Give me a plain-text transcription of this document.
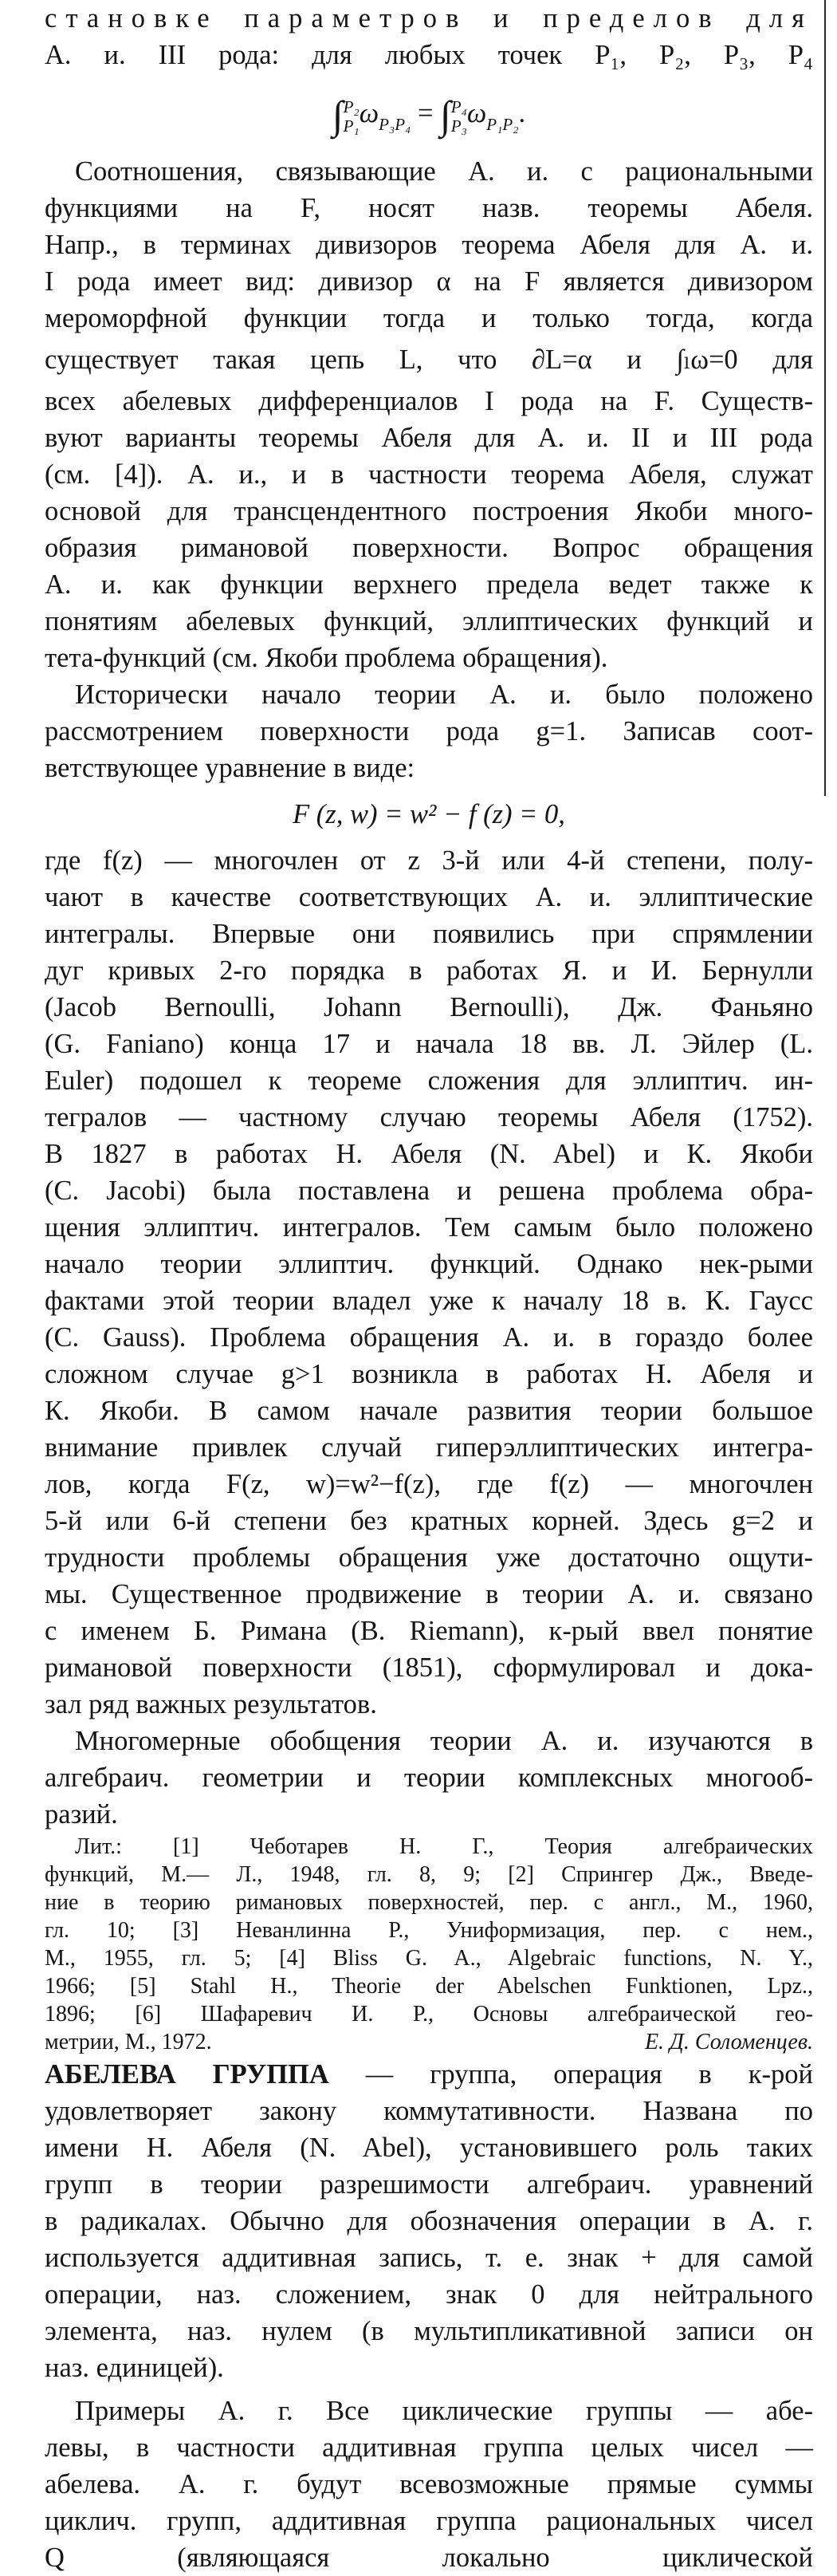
становке параметров и пределов для
А. и. III рода: для любых точек P₁, P₂, P₃, P₄
∫P₂
$P_1\omega_{P_3P_4} = \int P_4$
$P_3\omega_{P_1P_2}$.
Соотношения, связывающие А. и. с рациональными
функциями на F, носят назв. теоремы Абеля.
Напр., в терминах дивизоров теорема Абеля для А. и.
I рода имеет вид: дивизор α на F является дивизором
мероморфной функции тогда и только тогда, когда
существует такая цепь L, что ∂L=α и ∫ₗω=0 для
всех абелевых дифференциалов I рода на F. Существ-
вуют варианты теоремы Абеля для А. и. II и III рода
(см. [4]). А. и., и в частности теорема Абеля, служат
основой для трансцендентного построения Якоби много-
образия римановой поверхности. Вопрос обращения
А. и. как функции верхнего предела ведет также к
понятиям абелевых функций, эллиптических функций и
тета-функций (см. Якоби проблема обращения).
Исторически начало теории А. и. было положено
рассмотрением поверхности рода g=1. Записав соот-
ветствующее уравнение в виде:
F (z, w) = w² − f (z) = 0,
где f(z) — многочлен от z 3-й или 4-й степени, полу-
чают в качестве соответствующих А. и. эллиптические
интегралы. Впервые они появились при спрямлении
дуг кривых 2-го порядка в работах Я. и И. Бернулли
(Jacob Bernoulli, Johann Bernoulli), Дж. Фаньяно
(G. Faniano) конца 17 и начала 18 вв. Л. Эйлер (L.
Euler) подошел к теореме сложения для эллиптич. ин-
тегралов — частному случаю теоремы Абеля (1752).
В 1827 в работах Н. Абеля (N. Abel) и К. Якоби
(C. Jacobi) была поставлена и решена проблема обра-
щения эллиптич. интегралов. Тем самым было положено
начало теории эллиптич. функций. Однако нек-рыми
фактами этой теории владел уже к началу 18 в. К. Гаусс
(C. Gauss). Проблема обращения А. и. в гораздо более
сложном случае g>1 возникла в работах Н. Абеля и
К. Якоби. В самом начале развития теории большое
внимание привлек случай гиперэллиптических интегра-
лов, когда F(z, w)=w²−f(z), где f(z) — многочлен
5-й или 6-й степени без кратных корней. Здесь g=2 и
трудности проблемы обращения уже достаточно ощути-
мы. Существенное продвижение в теории А. и. связано
с именем Б. Римана (B. Riemann), к-рый ввел понятие
римановой поверхности (1851), сформулировал и дока-
зал ряд важных результатов.
Многомерные обобщения теории А. и. изучаются в
алгебраич. геометрии и теории комплексных многооб-
разий.
Лит.: [1] Чеботарев Н. Г., Теория алгебраических
функций, М.— Л., 1948, гл. 8, 9; [2] Спрингер Дж., Введе-
ние в теорию римановых поверхностей, пер. с англ., М., 1960,
гл. 10; [3] Неванлинна Р., Униформизация, пер. с нем.,
М., 1955, гл. 5; [4] Bliss G. A., Algebraic functions, N. Y.,
1966; [5] Stahl H., Theorie der Abelschen Funktionen, Lpz.,
1896; [6] Шафаревич И. Р., Основы алгебраической гео-
метрии, М., 1972.	Е. Д. Соломенцев.
АБЕЛЕВА ГРУППА — группа, операция в к-рой
удовлетворяет закону коммутативности. Названа по
имени Н. Абеля (N. Abel), установившего роль таких
групп в теории разрешимости алгебраич. уравнений
в радикалах. Обычно для обозначения операции в А. г.
используется аддитивная запись, т. е. знак + для самой
операции, наз. сложением, знак 0 для нейтрального
элемента, наз. нулем (в мультипликативной записи он
наз. единицей).
Примеры А. г. Все циклические группы — абе-
левы, в частности аддитивная группа целых чисел —
абелева. А. г. будут всевозможные прямые суммы
циклич. групп, аддитивная группа рациональных чисел
Q (являющаяся локально циклической
